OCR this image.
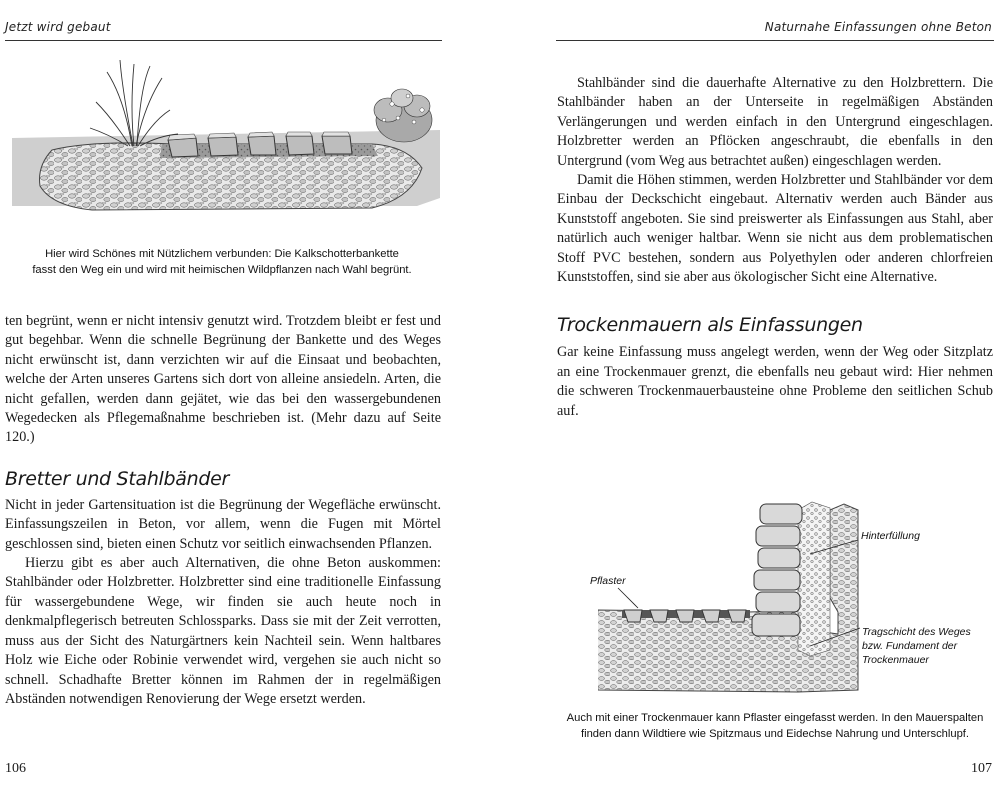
Jetzt wird gebaut
Hier wird Schönes mit Nützlichem verbunden: Die Kalkschotterbankette
fasst den Weg ein und wird mit heimischen Wildpflanzen nach Wahl begrünt.

ten begrünt, wenn er nicht intensiv genutzt wird. Trotzdem bleibt er fest und gut begehbar. Wenn die schnelle Begrünung der Bankette und des Weges nicht erwünscht ist, dann verzichten wir auf die Einsaat und beobachten, welche der Arten unseres Gartens sich dort von alleine ansiedeln. Arten, die nicht gefallen, werden dann gejätet, wie das bei den wassergebundenen Wegedecken als Pflegemaßnahme beschrieben ist. (Mehr dazu auf Seite 120.)

Bretter und Stahlbänder

Nicht in jeder Gartensituation ist die Begrünung der Wegefläche erwünscht. Einfassungszeilen in Beton, vor allem, wenn die Fugen mit Mörtel geschlossen sind, bieten einen Schutz vor seitlich einwachsenden Pflanzen.

Hierzu gibt es aber auch Alternativen, die ohne Beton auskommen: Stahlbänder oder Holzbretter. Holzbretter sind eine traditionelle Einfassung für wassergebundene Wege, wir finden sie auch heute noch in denkmalpflegerisch betreuten Schlossparks. Dass sie mit der Zeit verrotten, muss aus der Sicht des Naturgärtners kein Nachteil sein. Wenn haltbares Holz wie Eiche oder Robinie verwendet wird, vergehen sie auch nicht so schnell. Schadhafte Bretter können im Rahmen der in regelmäßigen Abständen notwendigen Renovierung der Wege ersetzt werden.

106
Naturnahe Einfassungen ohne Beton

Stahlbänder sind die dauerhafte Alternative zu den Holzbrettern. Die Stahlbänder haben an der Unterseite in regelmäßigen Abständen Verlängerungen und werden einfach in den Untergrund eingeschlagen. Holzbretter werden an Pflöcken angeschraubt, die ebenfalls in den Untergrund (vom Weg aus betrachtet außen) eingeschlagen werden.

Damit die Höhen stimmen, werden Holzbretter und Stahlbänder vor dem Einbau der Deckschicht eingebaut. Alternativ werden auch Bänder aus Kunststoff angeboten. Sie sind preiswerter als Einfassungen aus Stahl, aber natürlich auch weniger haltbar. Wenn sie nicht aus dem problematischen Stoff PVC bestehen, sondern aus Polyethylen oder anderen chlorfreien Kunststoffen, sind sie aber aus ökologischer Sicht eine Alternative.

Trockenmauern als Einfassungen

Gar keine Einfassung muss angelegt werden, wenn der Weg oder Sitzplatz an eine Trockenmauer grenzt, die ebenfalls neu gebaut wird: Hier nehmen die schweren Trockenmauerbausteine ohne Probleme den seitlichen Schub auf.

Hinterfüllung
Pflaster
Tragschicht des Weges
bzw. Fundament der
Trockenmauer
Auch mit einer Trockenmauer kann Pflaster eingefasst werden. In den Mauerspalten
finden dann Wildtiere wie Spitzmaus und Eidechse Nahrung und Unterschlupf.
107
